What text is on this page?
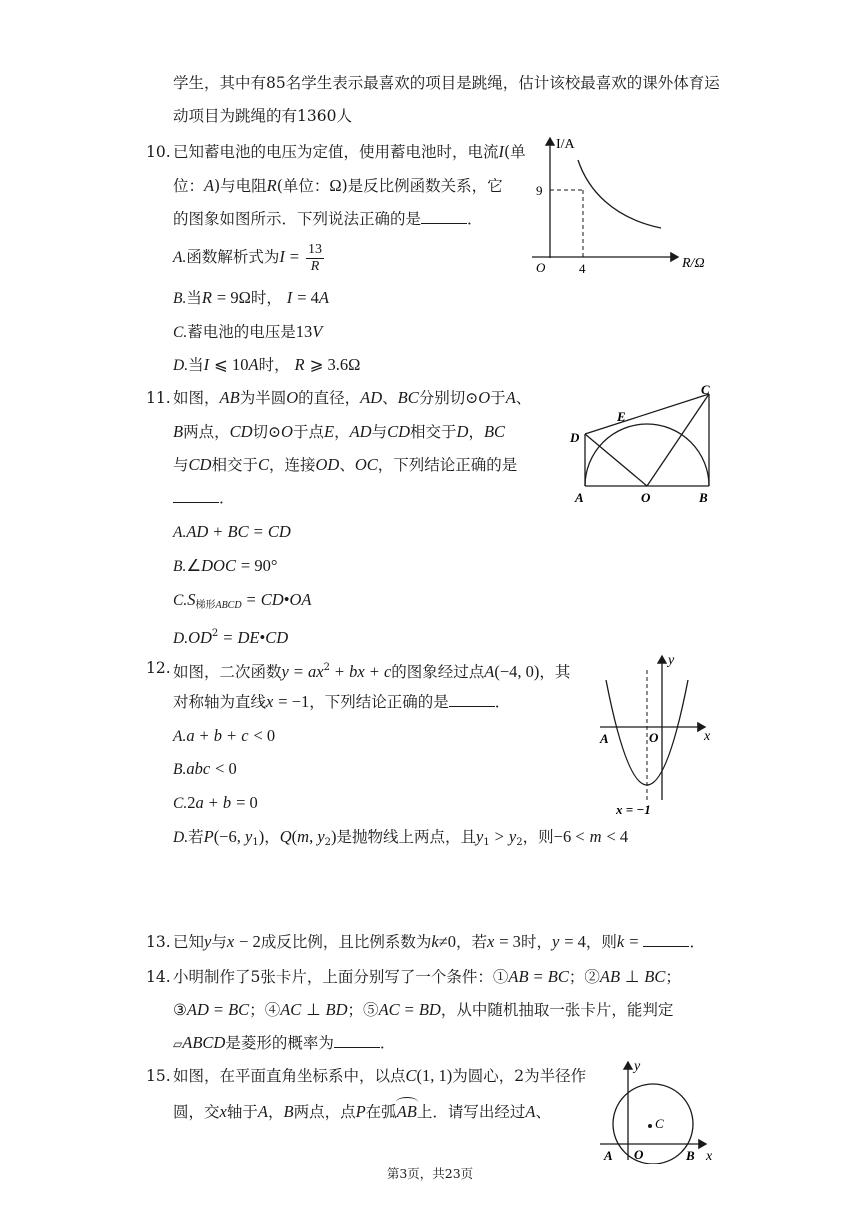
学生，其中有85名学生表示最喜欢的项目是跳绳，估计该校最喜欢的课外体育运
动项目为跳绳的有1360人
10. 已知蓄电池的电压为定值，使用蓄电池时，电流I(单
位：A)与电阻R(单位：Ω)是反比例函数关系，它
的图象如图所示．下列说法正确的是	．
A.函数解析式为$I = \frac{13}{R}$
B.当R = 9Ω时， I = 4A
C.蓄电池的电压是13V
D.当I ⩽ 10A时， R ⩾ 3.6Ω
I/A
R/Ω
O
9
4
11. 如图，AB为半圆O的直径，AD、BC分别切⊙O于A、
B两点，CD切⊙O于点E，AD与CD相交于D，BC
与CD相交于C，连接OD、OC，下列结论正确的是
．
A.AD + BC = CD
B.∠DOC = 90°
$C.S_{梯形ABCD}$ = CD•OA
$D.OD^2$ = DE•CD
A	B
O
D
C
E
12. 如图，二次函数$y = ax^2$ + bx + c的图象经过点A(−4, 0)，其
对称轴为直线x = −1，下列结论正确的是	．
A.a + b + c < 0
B.abc < 0
C.2a + b = 0
D.若P(−6, $y_1$)，Q(m, $y_2$)是抛物线上两点，且$y_1 > y_2$，则−6 < m < 4
y
x
A	O
x = −1
13. 已知y与x − 2成反比例，且比例系数为k≠0，若x = 3时，y = 4，则k =	．
14. 小明制作了5张卡片，上面分别写了一个条件：①AB = BC；②AB ⊥ BC；
③AD = BC；④AC ⊥ BD；⑤AC = BD，从中随机抽取一张卡片，能判定
▱ABCD是菱形的概率为	．
15. 如图，在平面直角坐标系中，以点C(1, 1)为圆心，2为半径作
圆，交x轴于A，B两点，点P在弧AB上．请写出经过A、
y
x
A O	B
C
第3页，共23页
